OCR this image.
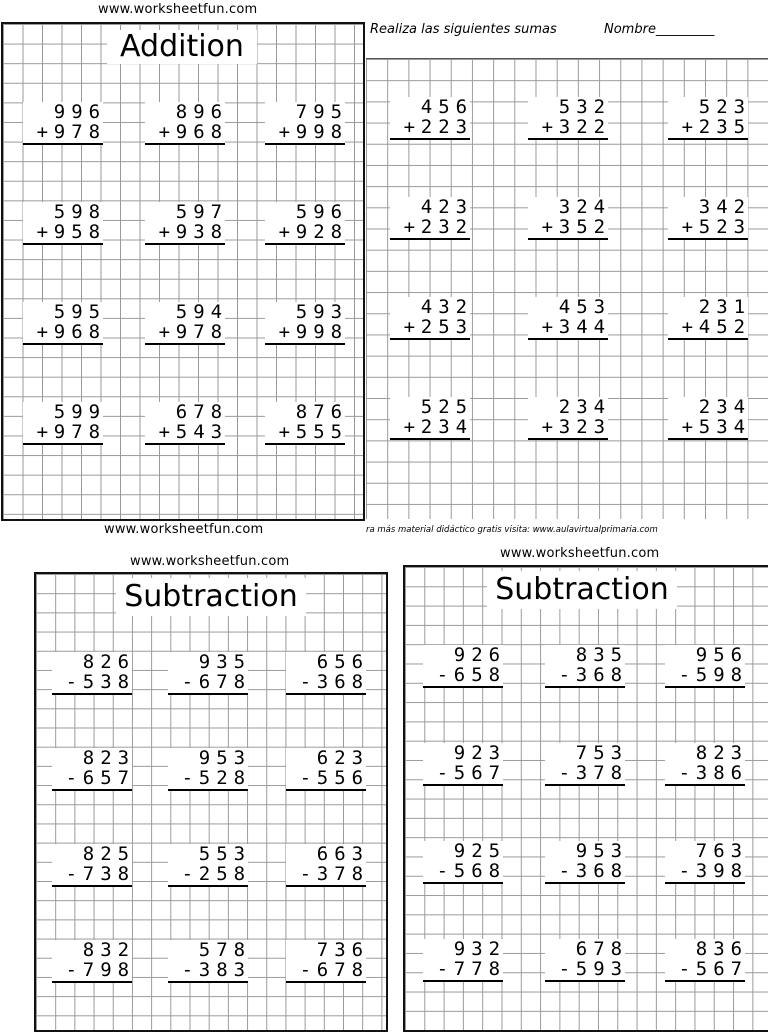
www.worksheetfun.com
Addition
9 9 6
+ 9 7 8
8 9 6
+ 9 6 8
7 9 5
+ 9 9 8
5 9 8
+ 9 5 8
5 9 7
+ 9 3 8
5 9 6
+ 9 2 8
5 9 5
+ 9 6 8
5 9 4
+ 9 7 8
5 9 3
+ 9 9 8
5 9 9
+ 9 7 8
6 7 8
+ 5 4 3
8 7 6
+ 5 5 5
www.worksheetfun.com
Realiza las siguientes sumas	Nombre_________
4 5 6
+ 2 2 3
5 3 2
+ 3 2 2
5 2 3
+ 2 3 5
4 2 3
+ 2 3 2
3 2 4
+ 3 5 2
3 4 2
+ 5 2 3
4 3 2
+ 2 5 3
4 5 3
+ 3 4 4
2 3 1
+ 4 5 2
5 2 5
+ 2 3 4
2 3 4
+ 3 2 3
2 3 4
+ 5 3 4
ra más material didáctico gratis visita: www.aulavirtualprimaria.com
www.worksheetfun.com
Subtraction
8 2 6
- 5 3 8
9 3 5
- 6 7 8
6 5 6
- 3 6 8
8 2 3
- 6 5 7
9 5 3
- 5 2 8
6 2 3
- 5 5 6
8 2 5
- 7 3 8
5 5 3
- 2 5 8
6 6 3
- 3 7 8
8 3 2
- 7 9 8
5 7 8
- 3 8 3
7 3 6
- 6 7 8
www.worksheetfun.com
Subtraction
9 2 6
- 6 5 8
8 3 5
- 3 6 8
9 5 6
- 5 9 8
9 2 3
- 5 6 7
7 5 3
- 3 7 8
8 2 3
- 3 8 6
9 2 5
- 5 6 8
9 5 3
- 3 6 8
7 6 3
- 3 9 8
9 3 2
- 7 7 8
6 7 8
- 5 9 3
8 3 6
- 5 6 7
